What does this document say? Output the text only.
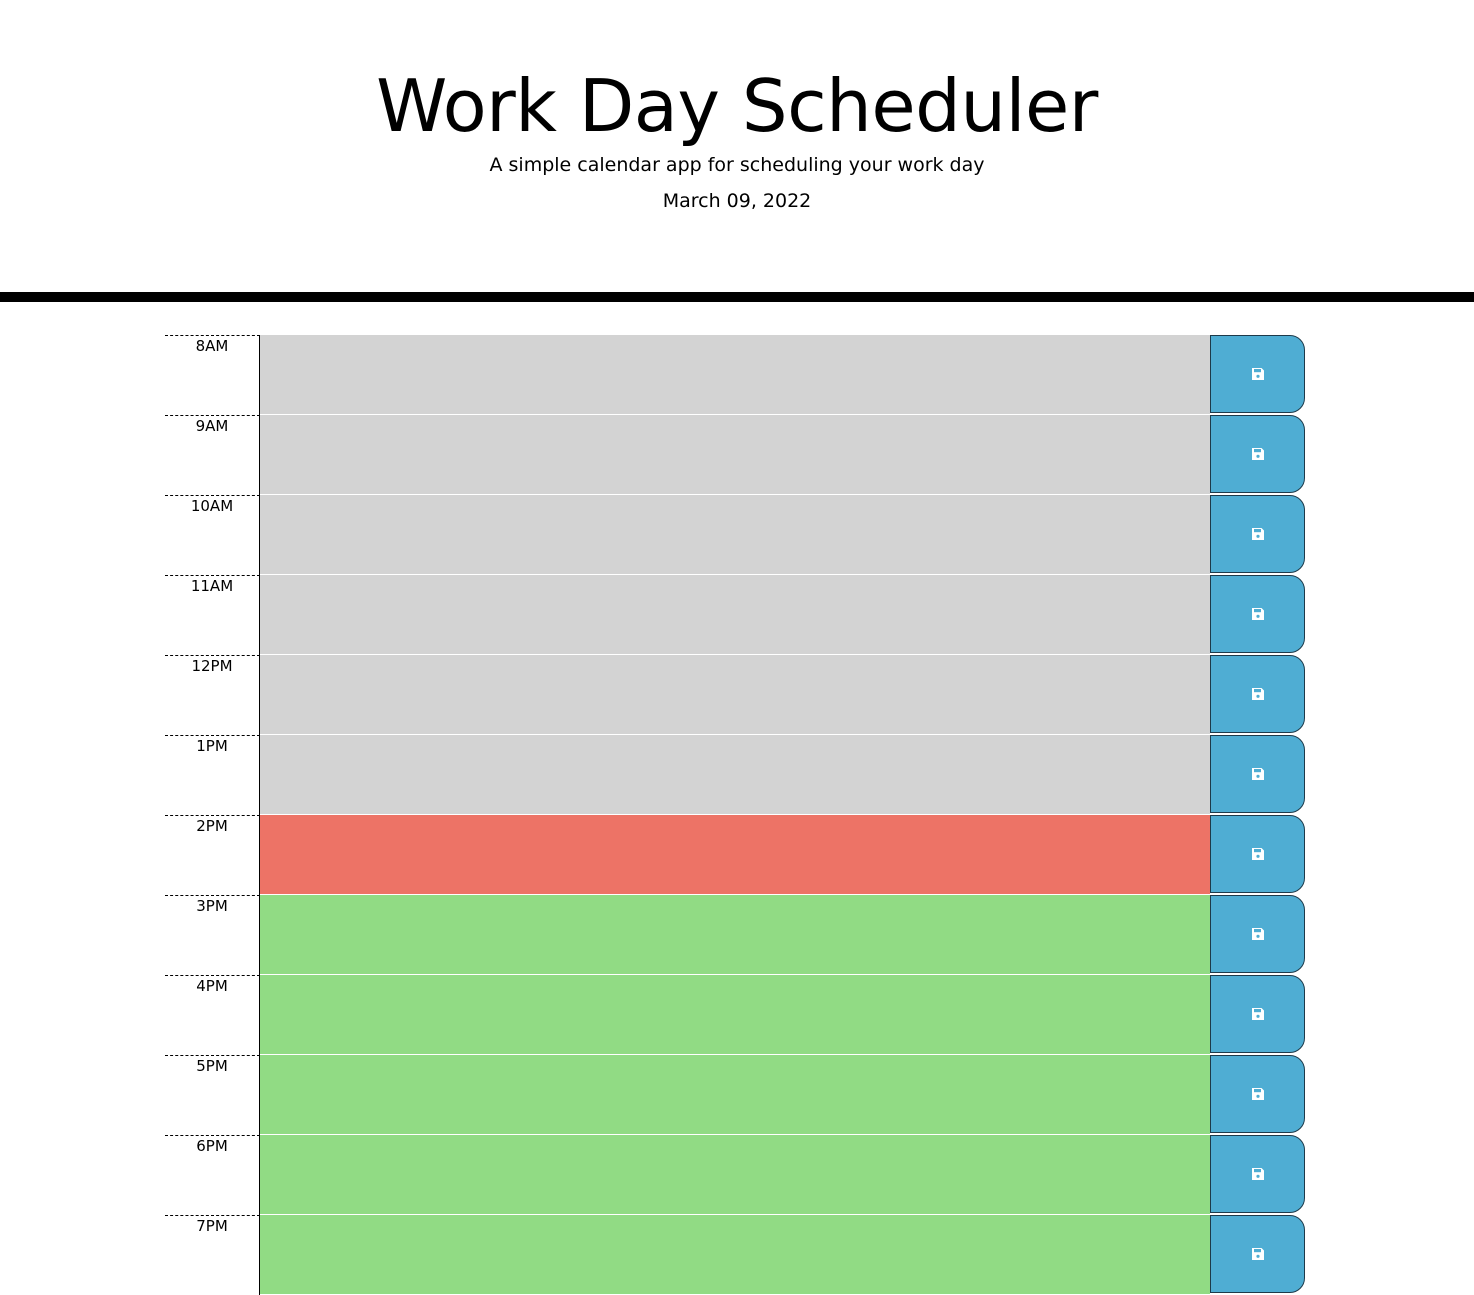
Work Day Scheduler

A simple calendar app for scheduling your work day

March 09, 2022

8AM
9AM
10AM
11AM
12PM
1PM
2PM
3PM
4PM
5PM
6PM
7PM
